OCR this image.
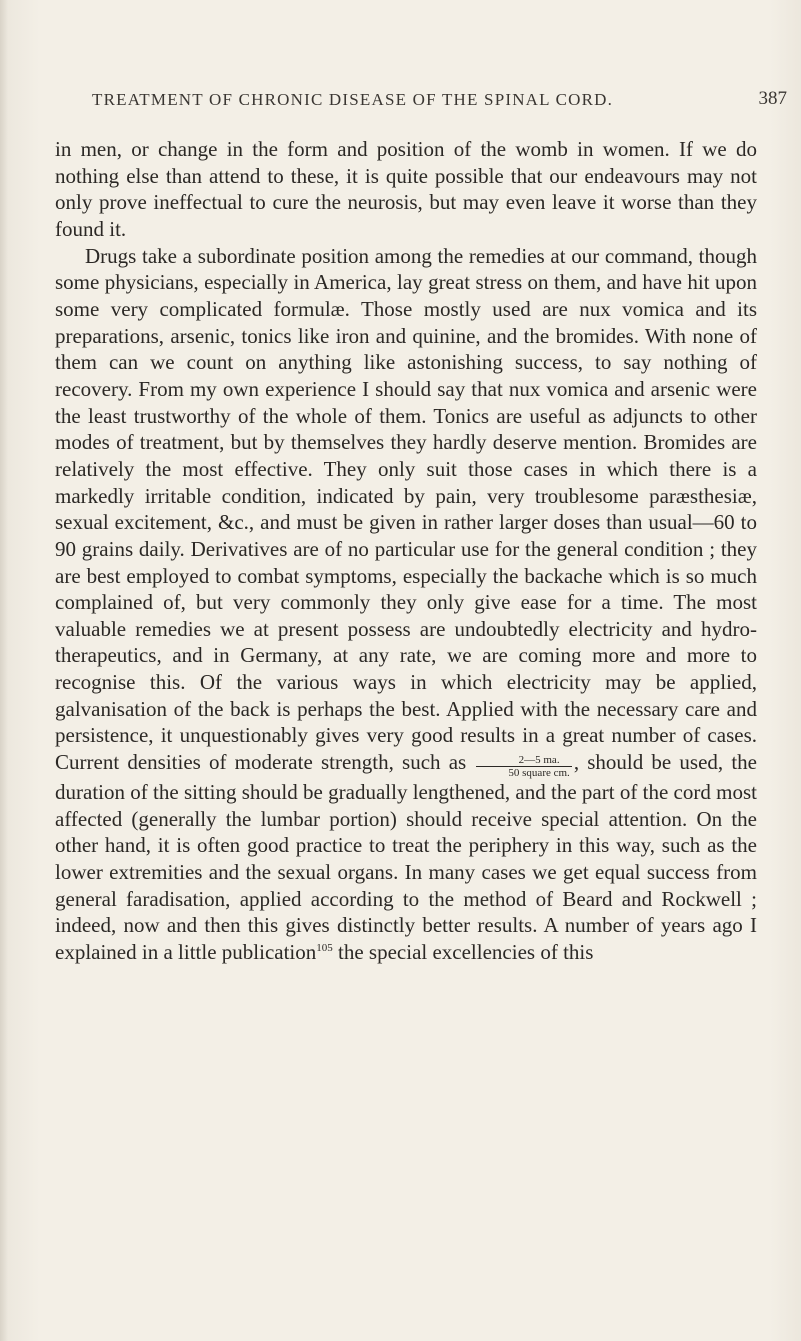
TREATMENT OF CHRONIC DISEASE OF THE SPINAL CORD.	387

in men, or change in the form and position of the womb in women. If we do nothing else than attend to these, it is quite possible that our endeavours may not only prove ineffectual to cure the neurosis, but may even leave it worse than they found it.

Drugs take a subordinate position among the remedies at our command, though some physicians, especially in America, lay great stress on them, and have hit upon some very complicated formulæ. Those mostly used are nux vomica and its preparations, arsenic, tonics like iron and quinine, and the bromides. With none of them can we count on anything like astonishing success, to say nothing of recovery. From my own experience I should say that nux vomica and arsenic were the least trustworthy of the whole of them. Tonics are useful as adjuncts to other modes of treatment, but by themselves they hardly deserve mention. Bromides are relatively the most effective. They only suit those cases in which there is a markedly irritable condition, indicated by pain, very troublesome paræsthesiæ, sexual excitement, &c., and must be given in rather larger doses than usual—60 to 90 grains daily. Derivatives are of no particular use for the general condition ; they are best employed to combat symptoms, especially the backache which is so much complained of, but very commonly they only give ease for a time. The most valuable remedies we at present possess are undoubtedly electricity and hydro-therapeutics, and in Germany, at any rate, we are coming more and more to recognise this. Of the various ways in which electricity may be applied, galvanisation of the back is perhaps the best. Applied with the necessary care and persistence, it unquestionably gives very good results in a great number of cases. Current densities of moderate strength, such as $\frac{2—5 ma.}{\text{50 square cm.}}$ , should be used, the duration of the sitting should be gradually lengthened, and the part of the cord most affected (generally the lumbar portion) should receive special attention. On the other hand, it is often good practice to treat the periphery in this way, such as the lower extremities and the sexual organs. In many cases we get equal success from general faradisation, applied according to the method of Beard and Rockwell ; indeed, now and then this gives distinctly better results. A number of years ago I explained in a little publication$^{105}$ the special excellencies of this
